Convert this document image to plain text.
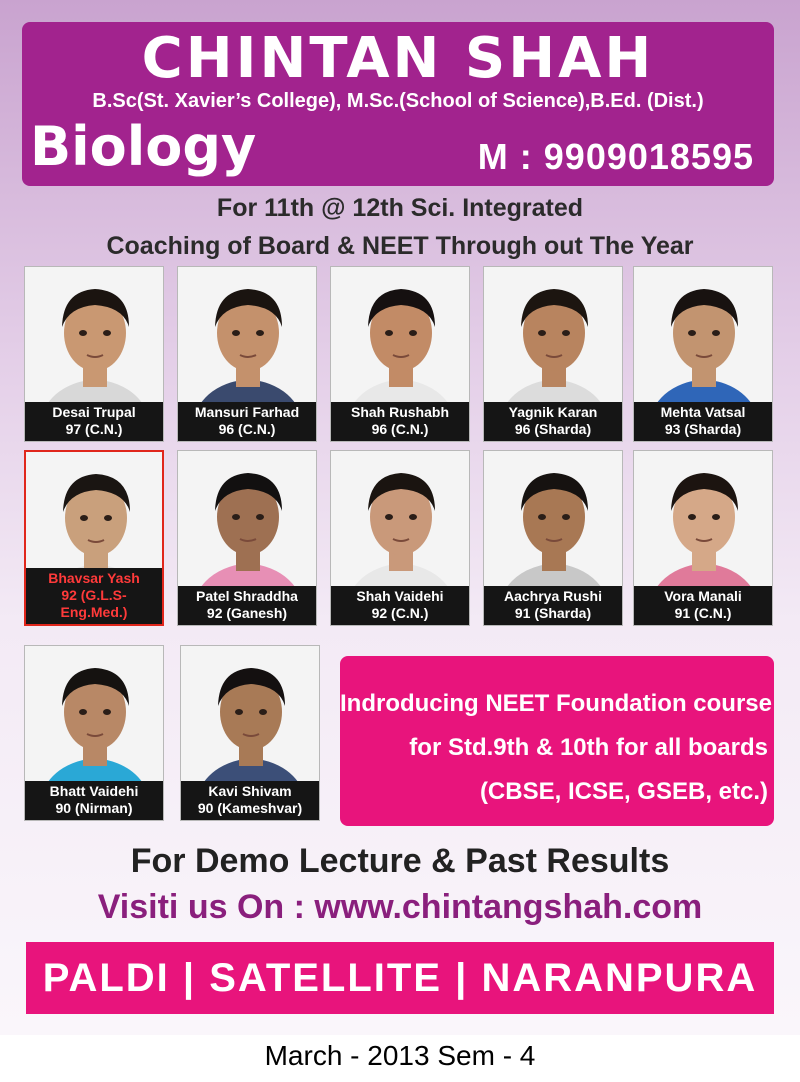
CHINTAN SHAH
B.Sc(St. Xavier’s College), M.Sc.(School of Science),B.Ed. (Dist.)
Biology	M : 9909018595
For 11th @ 12th Sci. Integrated
Coaching of Board & NEET Through out The Year
Desai Trupal
97 (C.N.)
Mansuri Farhad
96 (C.N.)
Shah Rushabh
96 (C.N.)
Yagnik Karan
96 (Sharda)
Mehta Vatsal
93 (Sharda)
Bhavsar Yash
92 (G.L.S- Eng.Med.)
Patel Shraddha
92 (Ganesh)
Shah Vaidehi
92 (C.N.)
Aachrya Rushi
91 (Sharda)
Vora Manali
91 (C.N.)
Bhatt Vaidehi
90 (Nirman)
Kavi Shivam
90 (Kameshvar)
Indroducing NEET Foundation course
for Std.9th & 10th for all boards
(CBSE, ICSE, GSEB, etc.)
For Demo Lecture & Past Results
Visiti us On : www.chintangshah.com
PALDI | SATELLITE | NARANPURA
March - 2013 Sem - 4
